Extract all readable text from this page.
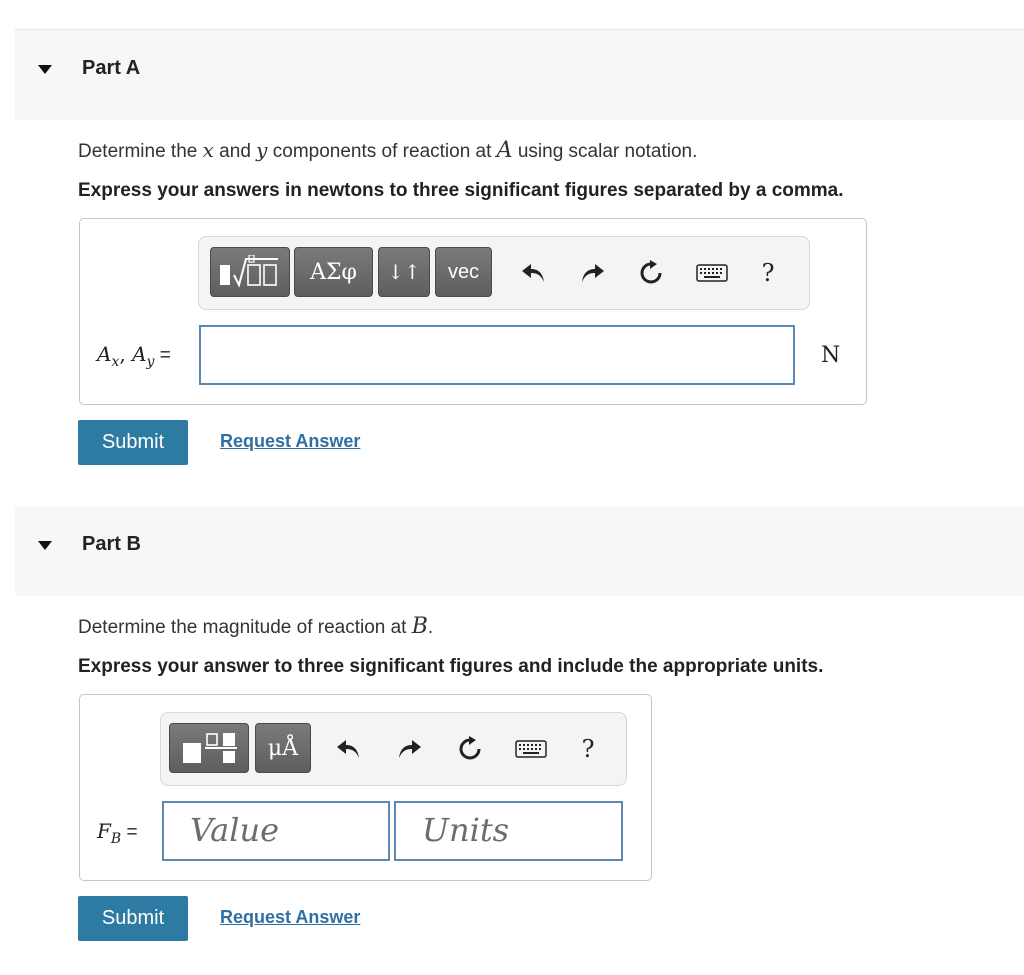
Part A
Determine the x and y components of reaction at A using scalar notation.
Express your answers in newtons to three significant figures separated by a comma.
ΑΣφ ↓↑ vec	?
$A_x$, $A_y$ =	N
Submit	Request Answer
Part B
Determine the magnitude of reaction at B.
Express your answer to three significant figures and include the appropriate units.
μÅ	?
$F_B$ =	Value	Units
Submit	Request Answer
